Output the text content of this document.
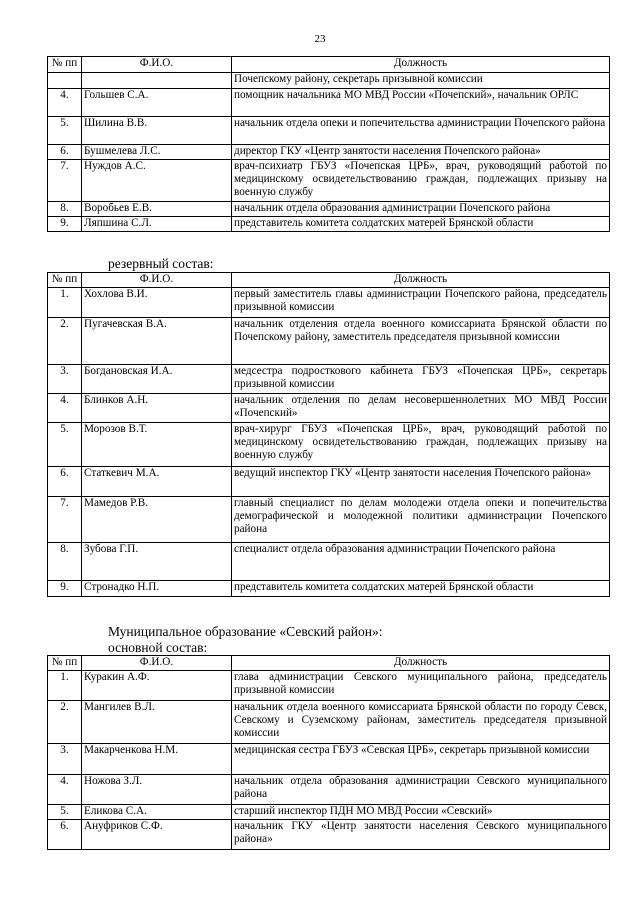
23
№ пп	Ф.И.О.	Должность
		Почепскому району, секретарь призывной комиссии
4.	Гольшев С.А.	помощник начальника МО МВД России «Почепский», начальник ОРЛС
5.	Шилина В.В.	начальник отдела опеки и попечительства администрации Почепского района
6.	Бушмелева Л.С.	директор ГКУ «Центр занятости населения Почепского района»
7.	Нуждов А.С.	врач-психиатр ГБУЗ «Почепская ЦРБ», врач, руководящий работой по медицинскому освидетельствованию граждан, подлежащих призыву на военную службу
8.	Воробьев Е.В.	начальник отдела образования администрации Почепского района
9.	Ляпшина С.Л.	представитель комитета солдатских матерей Брянской области
резервный состав:
№ пп	Ф.И.О.	Должность
1.	Хохлова В.И.	первый заместитель главы администрации Почепского района, председатель призывной комиссии
2.	Пугачевская В.А.	начальник отделения отдела военного комиссариата Брянской области по Почепскому району, заместитель председателя призывной комиссии
3.	Богдановская И.А.	медсестра подросткового кабинета ГБУЗ «Почепская ЦРБ», секретарь призывной комиссии
4.	Блинков А.Н.	начальник отделения по делам несовершеннолетних МО МВД России «Почепский»
5.	Морозов В.Т.	врач-хирург ГБУЗ «Почепская ЦРБ», врач, руководящий работой по медицинскому освидетельствованию граждан, подлежащих призыву на военную службу
6.	Статкевич М.А.	ведущий инспектор ГКУ «Центр занятости населения Почепского района»
7.	Мамедов Р.В.	главный специалист по делам молодежи отдела опеки и попечительства демографической и молодежной политики администрации Почепского района
8.	Зубова Г.П.	специалист отдела образования администрации Почепского района
9.	Стронадко Н.П.	представитель комитета солдатских матерей Брянской области
Муниципальное образование «Севский район»:
основной состав:
№ пп	Ф.И.О.	Должность
1.	Куракин А.Ф.	глава администрации Севского муниципального района, председатель призывной комиссии
2.	Мангилев В.Л.	начальник отдела военного комиссариата Брянской области по городу Севск, Севскому и Суземскому районам, заместитель председателя призывной комиссии
3.	Макарченкова Н.М.	медицинская сестра ГБУЗ «Севская ЦРБ», секретарь призывной комиссии
4.	Ножова З.Л.	начальник отдела образования администрации Севского муниципального района
5.	Еликова С.А.	старший инспектор ПДН МО МВД России «Севский»
6.	Ануфриков С.Ф.	начальник ГКУ «Центр занятости населения Севского муниципального района»
